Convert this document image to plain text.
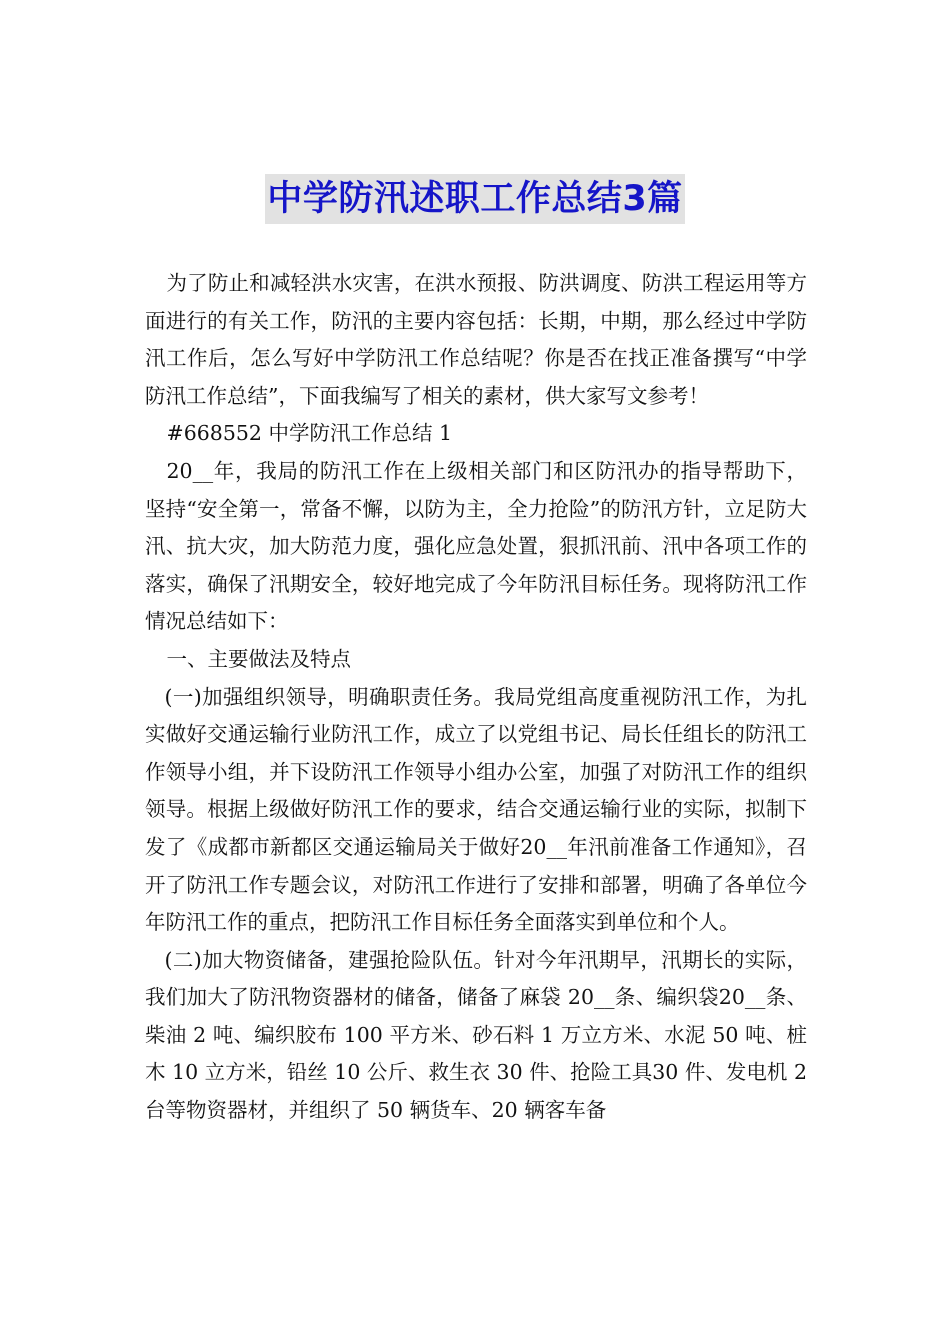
中学防汛述职工作总结3篇

为了防止和减轻洪水灾害，在洪水预报、防洪调度、防洪工程运用等方面进行的有关工作，防汛的主要内容包括：长期，中期，那么经过中学防汛工作后，怎么写好中学防汛工作总结呢？你是否在找正准备撰写“中学防汛工作总结”，下面我编写了相关的素材，供大家写文参考！

#668552 中学防汛工作总结 1

20__年，我局的防汛工作在上级相关部门和区防汛办的指导帮助下，坚持“安全第一，常备不懈，以防为主，全力抢险”的防汛方针，立足防大汛、抗大灾，加大防范力度，强化应急处置，狠抓汛前、汛中各项工作的落实，确保了汛期安全，较好地完成了今年防汛目标任务。现将防汛工作情况总结如下：

一、主要做法及特点

(一)加强组织领导，明确职责任务。我局党组高度重视防汛工作，为扎实做好交通运输行业防汛工作，成立了以党组书记、局长任组长的防汛工作领导小组，并下设防汛工作领导小组办公室，加强了对防汛工作的组织领导。根据上级做好防汛工作的要求，结合交通运输行业的实际，拟制下发了《成都市新都区交通运输局关于做好20__年汛前准备工作通知》，召开了防汛工作专题会议，对防汛工作进行了安排和部署，明确了各单位今年防汛工作的重点，把防汛工作目标任务全面落实到单位和个人。

(二)加大物资储备，建强抢险队伍。针对今年汛期早，汛期长的实际，我们加大了防汛物资器材的储备，储备了麻袋 20__条、编织袋20__条、柴油 2 吨、编织胶布 100 平方米、砂石料 1 万立方米、水泥 50 吨、桩木 10 立方米，铅丝 10 公斤、救生衣 30 件、抢险工具30 件、发电机 2 台等物资器材，并组织了 50 辆货车、20 辆客车备
